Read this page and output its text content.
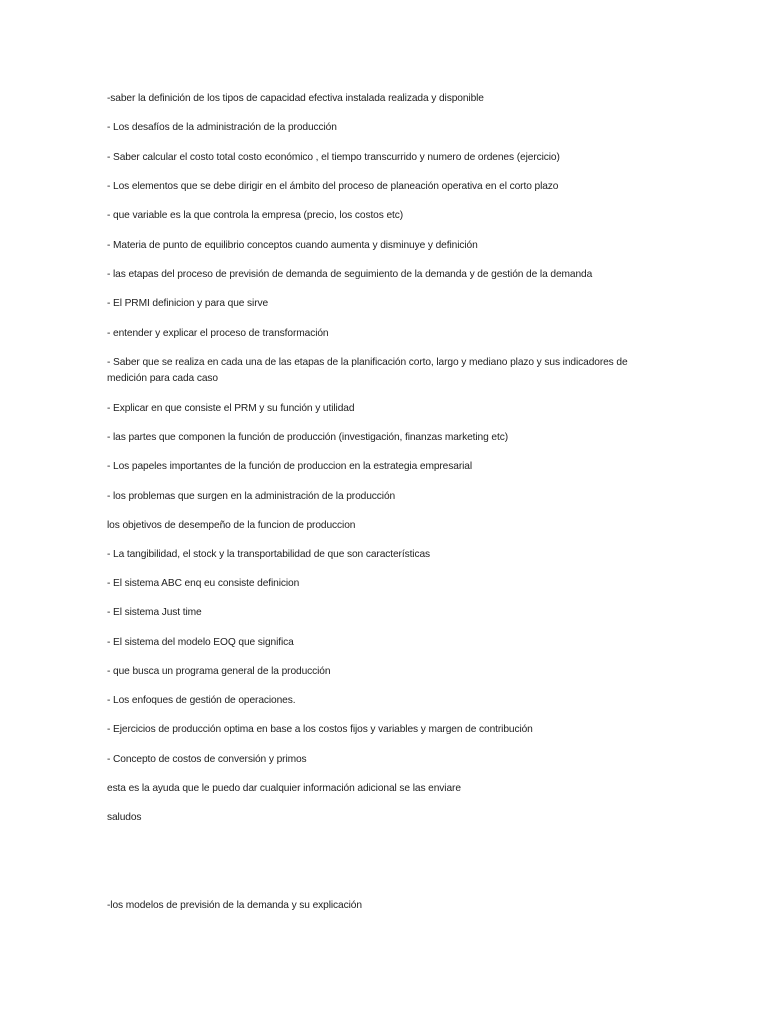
-saber la definición de los tipos de capacidad efectiva instalada realizada y disponible
- Los desafíos de la administración de la producción
- Saber calcular el costo total costo económico , el tiempo transcurrido y numero de ordenes (ejercicio)
- Los elementos que se debe dirigir en el ámbito del proceso de planeación operativa en el corto plazo
- que variable es la que controla la empresa (precio, los costos etc)
- Materia de punto de equilibrio conceptos cuando aumenta y disminuye y definición
- las etapas del proceso de previsión de demanda de seguimiento de la demanda y de gestión de la demanda
- El PRMI definicion y para que sirve
- entender y explicar el proceso de transformación
- Saber que se realiza en cada una de las etapas de la planificación corto, largo y mediano plazo y sus indicadores de medición para cada caso
- Explicar en que consiste el PRM y su función y utilidad
- las partes que componen la función de producción (investigación, finanzas marketing etc)
- Los papeles importantes de la función de produccion en la estrategia empresarial
- los problemas que surgen en la administración de la producción
los objetivos de desempeño de la funcion de produccion
- La tangibilidad, el stock y la transportabilidad de que son características
- El sistema ABC enq eu consiste definicion
- El sistema Just time
- El sistema del modelo EOQ que significa
- que busca un programa general de la producción
- Los enfoques de gestión de operaciones.
- Ejercicios de producción optima en base a los costos fijos y variables y margen de contribución
- Concepto de costos de conversión y primos
esta es la ayuda que le puedo dar cualquier información adicional se las enviare
saludos
-los modelos de previsión de la demanda y su explicación
